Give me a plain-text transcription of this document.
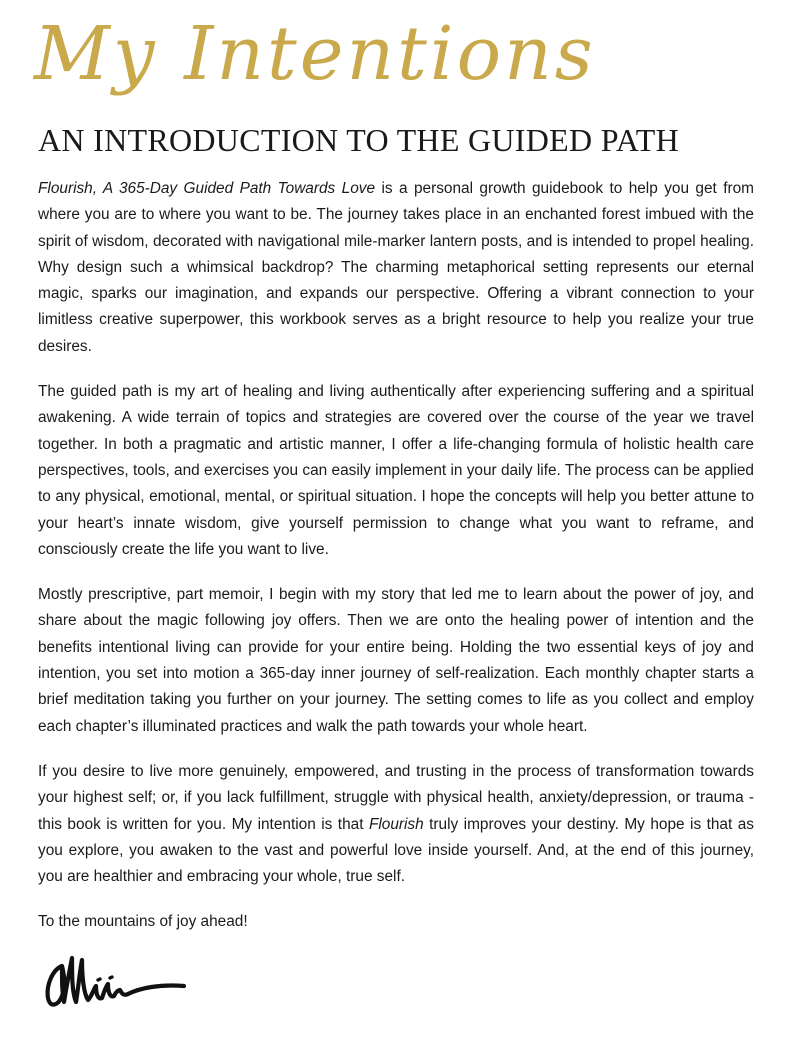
My Intentions
AN INTRODUCTION TO THE GUIDED PATH

Flourish, A 365-Day Guided Path Towards Love is a personal growth guidebook to help you get from where you are to where you want to be. The journey takes place in an enchanted forest imbued with the spirit of wisdom, decorated with navigational mile-marker lantern posts, and is intended to propel healing. Why design such a whimsical backdrop? The charming metaphorical setting represents our eternal magic, sparks our imagination, and expands our perspective. Offering a vibrant connection to your limitless creative superpower, this workbook serves as a bright resource to help you realize your true desires.

The guided path is my art of healing and living authentically after experiencing suffering and a spiritual awakening. A wide terrain of topics and strategies are covered over the course of the year we travel together. In both a pragmatic and artistic manner, I offer a life-changing formula of holistic health care perspectives, tools, and exercises you can easily implement in your daily life. The process can be applied to any physical, emotional, mental, or spiritual situation. I hope the concepts will help you better attune to your heart’s innate wisdom, give yourself permission to change what you want to reframe, and consciously create the life you want to live.

Mostly prescriptive, part memoir, I begin with my story that led me to learn about the power of joy, and share about the magic following joy offers. Then we are onto the healing power of intention and the benefits intentional living can provide for your entire being. Holding the two essential keys of joy and intention, you set into motion a 365-day inner journey of self-realization. Each monthly chapter starts a brief meditation taking you further on your journey. The setting comes to life as you collect and employ each chapter’s illuminated practices and walk the path towards your whole heart.

If you desire to live more genuinely, empowered, and trusting in the process of transformation towards your highest self; or, if you lack fulfillment, struggle with physical health, anxiety/depression, or trauma - this book is written for you. My intention is that Flourish truly improves your destiny. My hope is that as you explore, you awaken to the vast and powerful love inside yourself. And, at the end of this journey, you are healthier and embracing your whole, true self.

To the mountains of joy ahead!
